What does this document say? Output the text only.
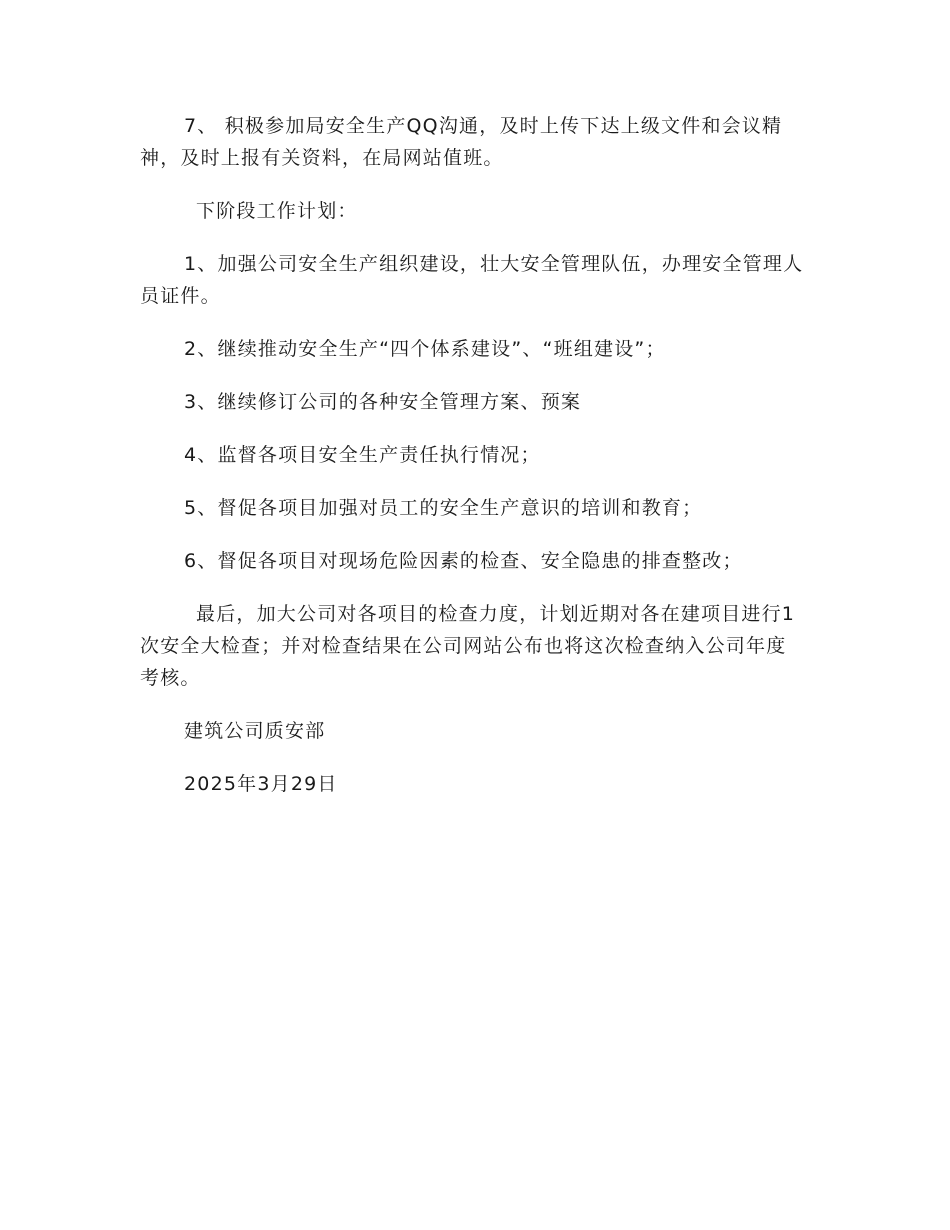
7、 积极参加局安全生产QQ沟通，及时上传下达上级文件和会议精神，及时上报有关资料，在局网站值班。

下阶段工作计划：

1、加强公司安全生产组织建设，壮大安全管理队伍，办理安全管理人员证件。

2、继续推动安全生产“四个体系建设”、“班组建设”；

3、继续修订公司的各种安全管理方案、预案

4、监督各项目安全生产责任执行情况；

5、督促各项目加强对员工的安全生产意识的培训和教育；

6、督促各项目对现场危险因素的检查、安全隐患的排查整改；

最后，加大公司对各项目的检查力度，计划近期对各在建项目进行1次安全大检查；并对检查结果在公司网站公布也将这次检查纳入公司年度考核。

建筑公司质安部

2025年3月29日
